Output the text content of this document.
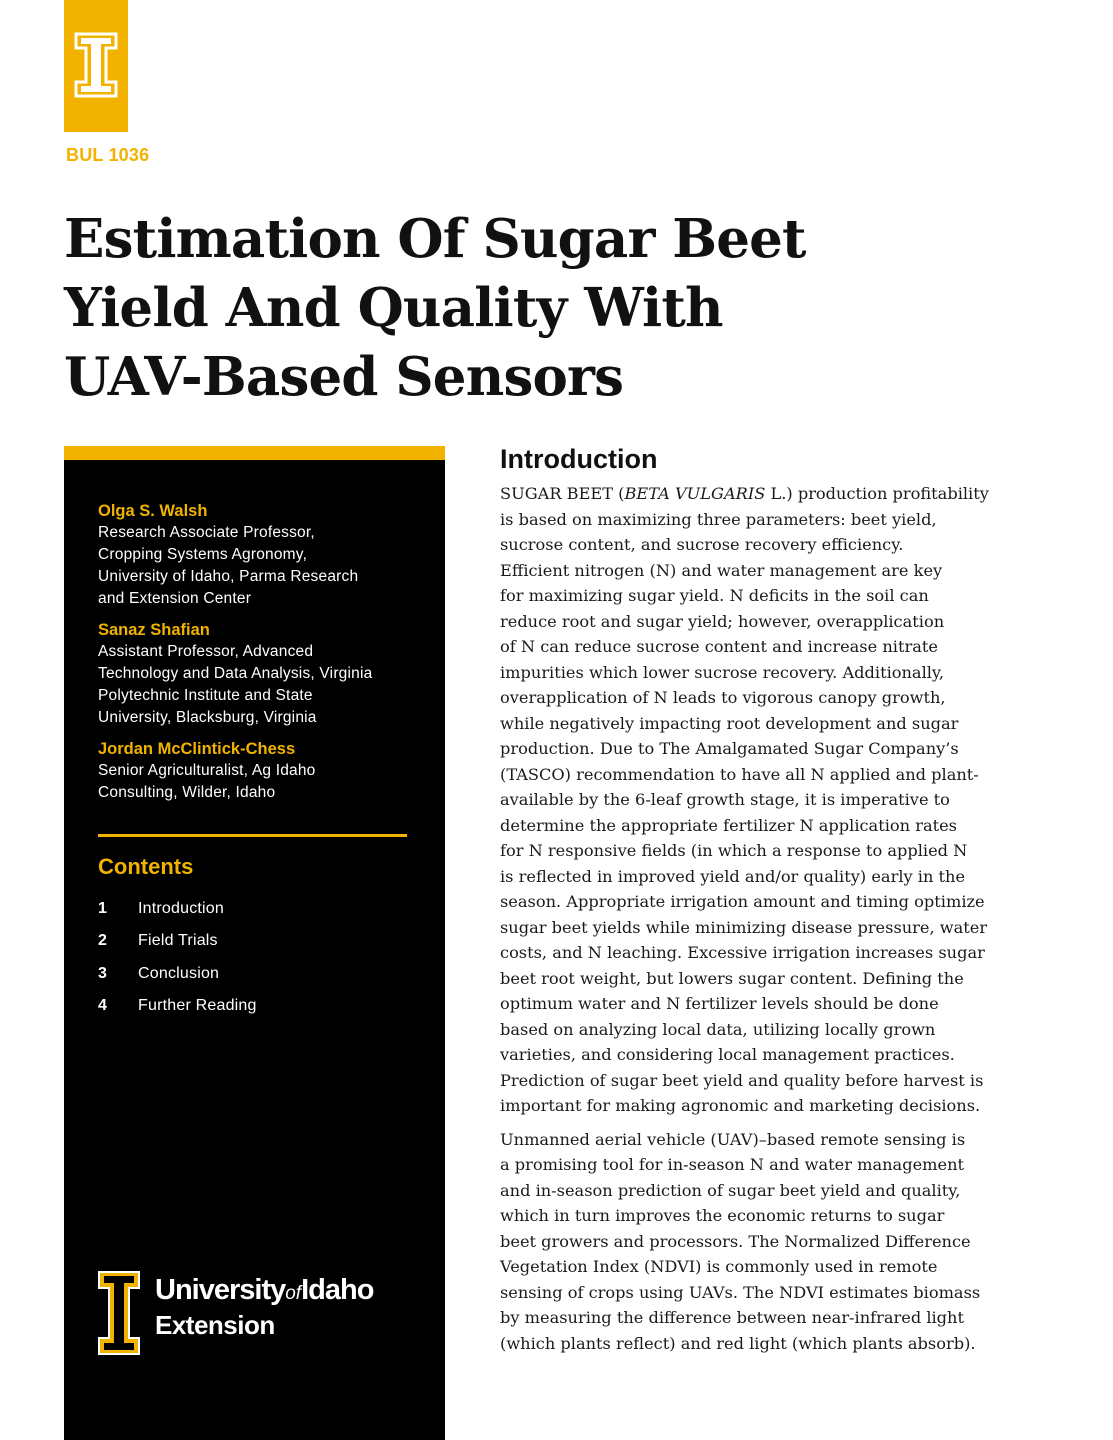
BUL 1036
Estimation Of Sugar Beet
Yield And Quality With
UAV-Based Sensors
Olga S. Walsh
Research Associate Professor,
Cropping Systems Agronomy,
University of Idaho, Parma Research
and Extension Center
Sanaz Shafian
Assistant Professor, Advanced
Technology and Data Analysis, Virginia
Polytechnic Institute and State
University, Blacksburg, Virginia
Jordan McClintick-Chess
Senior Agriculturalist, Ag Idaho
Consulting, Wilder, Idaho
Contents
1	Introduction
2	Field Trials
3	Conclusion
4	Further Reading
UniversityofIdaho
Extension
Introduction

SUGAR BEET (BETA VULGARIS L.) production profitability
is based on maximizing three parameters: beet yield,
sucrose content, and sucrose recovery efficiency.
Efficient nitrogen (N) and water management are key
for maximizing sugar yield. N deficits in the soil can
reduce root and sugar yield; however, overapplication
of N can reduce sucrose content and increase nitrate
impurities which lower sucrose recovery. Additionally,
overapplication of N leads to vigorous canopy growth,
while negatively impacting root development and sugar
production. Due to The Amalgamated Sugar Company’s
(TASCO) recommendation to have all N applied and plant-
available by the 6-leaf growth stage, it is imperative to
determine the appropriate fertilizer N application rates
for N responsive fields (in which a response to applied N
is reflected in improved yield and/or quality) early in the
season. Appropriate irrigation amount and timing optimize
sugar beet yields while minimizing disease pressure, water
costs, and N leaching. Excessive irrigation increases sugar
beet root weight, but lowers sugar content. Defining the
optimum water and N fertilizer levels should be done
based on analyzing local data, utilizing locally grown
varieties, and considering local management practices.
Prediction of sugar beet yield and quality before harvest is
important for making agronomic and marketing decisions.

Unmanned aerial vehicle (UAV)–based remote sensing is
a promising tool for in-season N and water management
and in-season prediction of sugar beet yield and quality,
which in turn improves the economic returns to sugar
beet growers and processors. The Normalized Difference
Vegetation Index (NDVI) is commonly used in remote
sensing of crops using UAVs. The NDVI estimates biomass
by measuring the difference between near-infrared light
(which plants reflect) and red light (which plants absorb).
